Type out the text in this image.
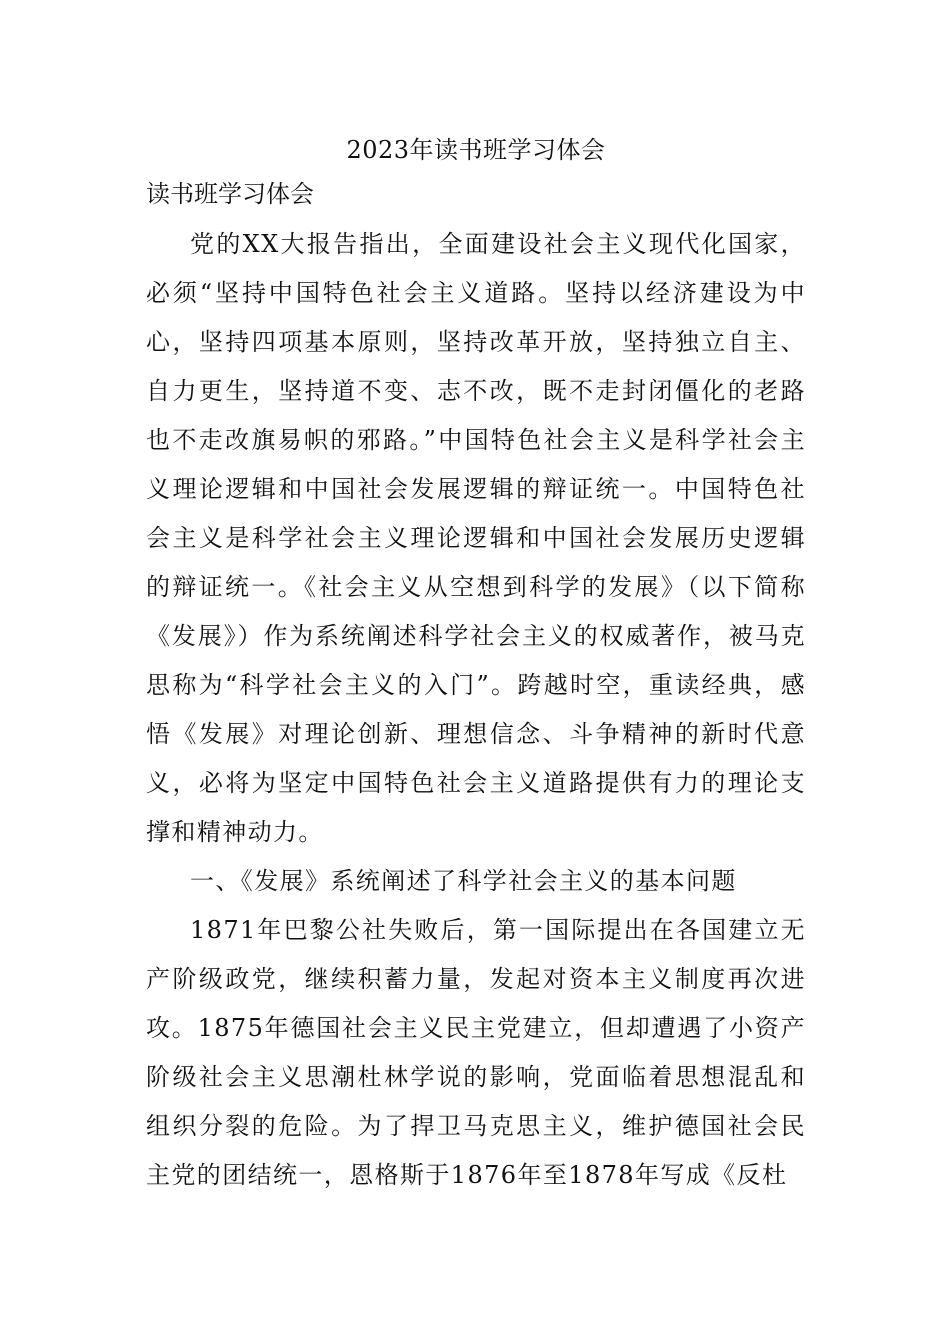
2023年读书班学习体会

读书班学习体会

党的XX大报告指出，全面建设社会主义现代化国家，必须“坚持中国特色社会主义道路。坚持以经济建设为中心，坚持四项基本原则，坚持改革开放，坚持独立自主、自力更生，坚持道不变、志不改，既不走封闭僵化的老路也不走改旗易帜的邪路。”中国特色社会主义是科学社会主义理论逻辑和中国社会发展逻辑的辩证统一。中国特色社会主义是科学社会主义理论逻辑和中国社会发展历史逻辑的辩证统一。《社会主义从空想到科学的发展》（以下简称《发展》）作为系统阐述科学社会主义的权威著作，被马克思称为“科学社会主义的入门”。跨越时空，重读经典，感悟《发展》对理论创新、理想信念、斗争精神的新时代意义，必将为坚定中国特色社会主义道路提供有力的理论支撑和精神动力。

一、《发展》系统阐述了科学社会主义的基本问题

1871年巴黎公社失败后，第一国际提出在各国建立无产阶级政党，继续积蓄力量，发起对资本主义制度再次进攻。1875年德国社会主义民主党建立，但却遭遇了小资产阶级社会主义思潮杜林学说的影响，党面临着思想混乱和组织分裂的危险。为了捍卫马克思主义，维护德国社会民主党的团结统一，恩格斯于1876年至1878年写成《反杜
